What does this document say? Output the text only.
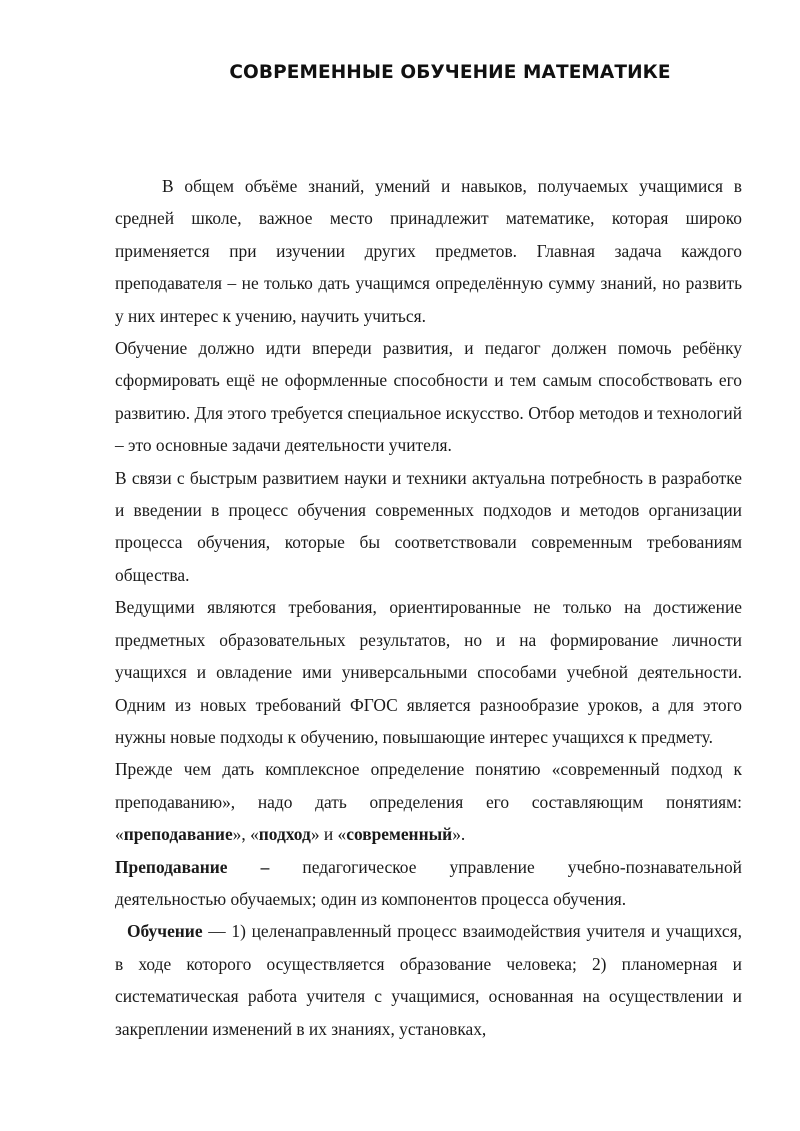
СОВРЕМЕННЫЕ ОБУЧЕНИЕ МАТЕМАТИКЕ

В общем объёме знаний, умений и навыков, получаемых учащимися в средней школе, важное место принадлежит математике, которая широко применяется при изучении других предметов. Главная задача каждого преподавателя – не только дать учащимся определённую сумму знаний, но развить у них интерес к учению, научить учиться.

Обучение должно идти впереди развития, и педагог должен помочь ребёнку сформировать ещё не оформленные способности и тем самым способствовать его развитию. Для этого требуется специальное искусство. Отбор методов и технологий – это основные задачи деятельности учителя.

В связи с быстрым развитием науки и техники актуальна потребность в разработке и введении в процесс обучения современных подходов и методов организации процесса обучения, которые бы соответствовали современным требованиям общества.

Ведущими являются требования, ориентированные не только на достижение предметных образовательных результатов, но и на формирование личности учащихся и овладение ими универсальными способами учебной деятельности. Одним из новых требований ФГОС является разнообразие уроков, а для этого нужны новые подходы к обучению, повышающие интерес учащихся к предмету.

Прежде чем дать комплексное определение понятию «современный подход к преподаванию», надо дать определения его составляющим понятиям: «преподавание», «подход» и «современный».

Преподавание – педагогическое управление учебно-познавательной деятельностью обучаемых; один из компонентов процесса обучения.

Обучение — 1) целенаправленный процесс взаимодействия учителя и учащихся, в ходе которого осуществляется образование человека; 2) планомерная и систематическая работа учителя с учащимися, основанная на осуществлении и закреплении изменений в их знаниях, установках,
